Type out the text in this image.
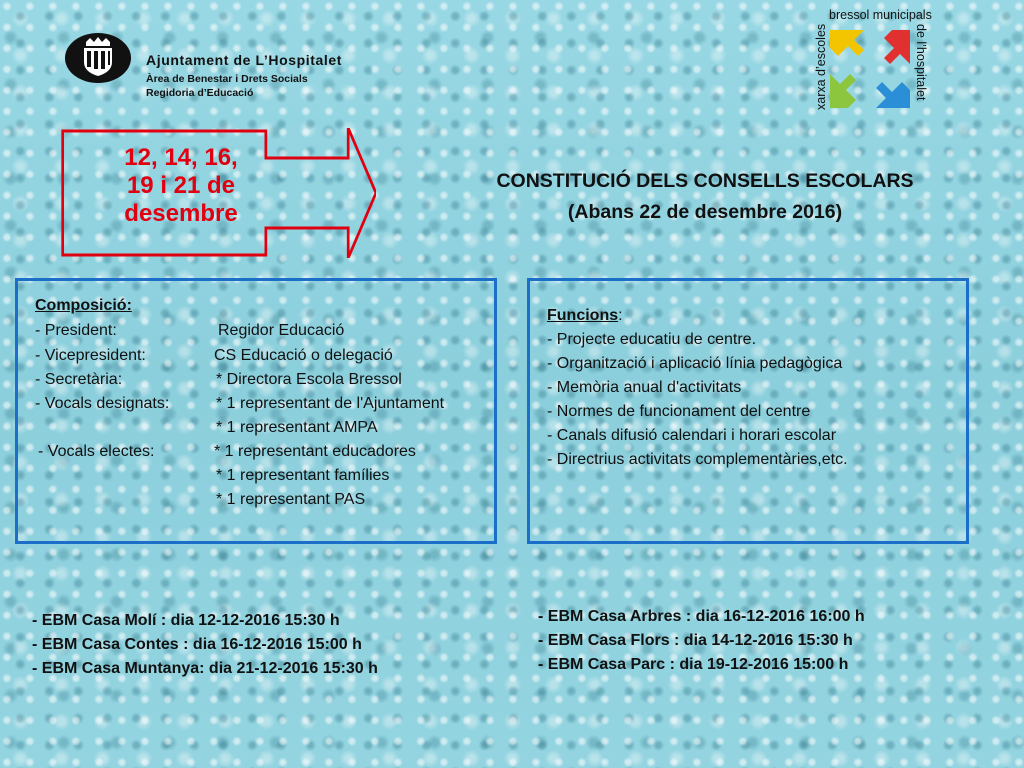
Ajuntament de L’Hospitalet
Àrea de Benestar i Drets Socials
Regidoria d’Educació	xarxa d’escoles
bressol municipals
de l’hospitalet
12, 14, 16,
19 i 21 de
desembre
CONSTITUCIÓ DELS CONSELLS ESCOLARS
(Abans 22 de desembre 2016)
Composició:
- President:	Regidor Educació
- Vicepresident:	CS Educació o delegació
- Secretària:	* Directora Escola Bressol
- Vocals designats:	* 1 representant de l'Ajuntament
* 1 representant AMPA
- Vocals electes:	* 1 representant educadores
* 1 representant famílies
* 1 representant PAS
Funcions:
- Projecte educatiu de centre.
- Organització i aplicació línia pedagògica
- Memòria anual d'activitats
- Normes de funcionament del centre
- Canals difusió calendari i horari escolar
- Directrius activitats complementàries,etc.
- EBM Casa Molí : dia 12-12-2016 15:30 h
- EBM Casa Contes : dia 16-12-2016 15:00 h
- EBM Casa Muntanya: dia 21-12-2016 15:30 h
- EBM Casa Arbres : dia 16-12-2016 16:00 h
- EBM Casa Flors : dia 14-12-2016 15:30 h
- EBM Casa Parc : dia 19-12-2016 15:00 h
